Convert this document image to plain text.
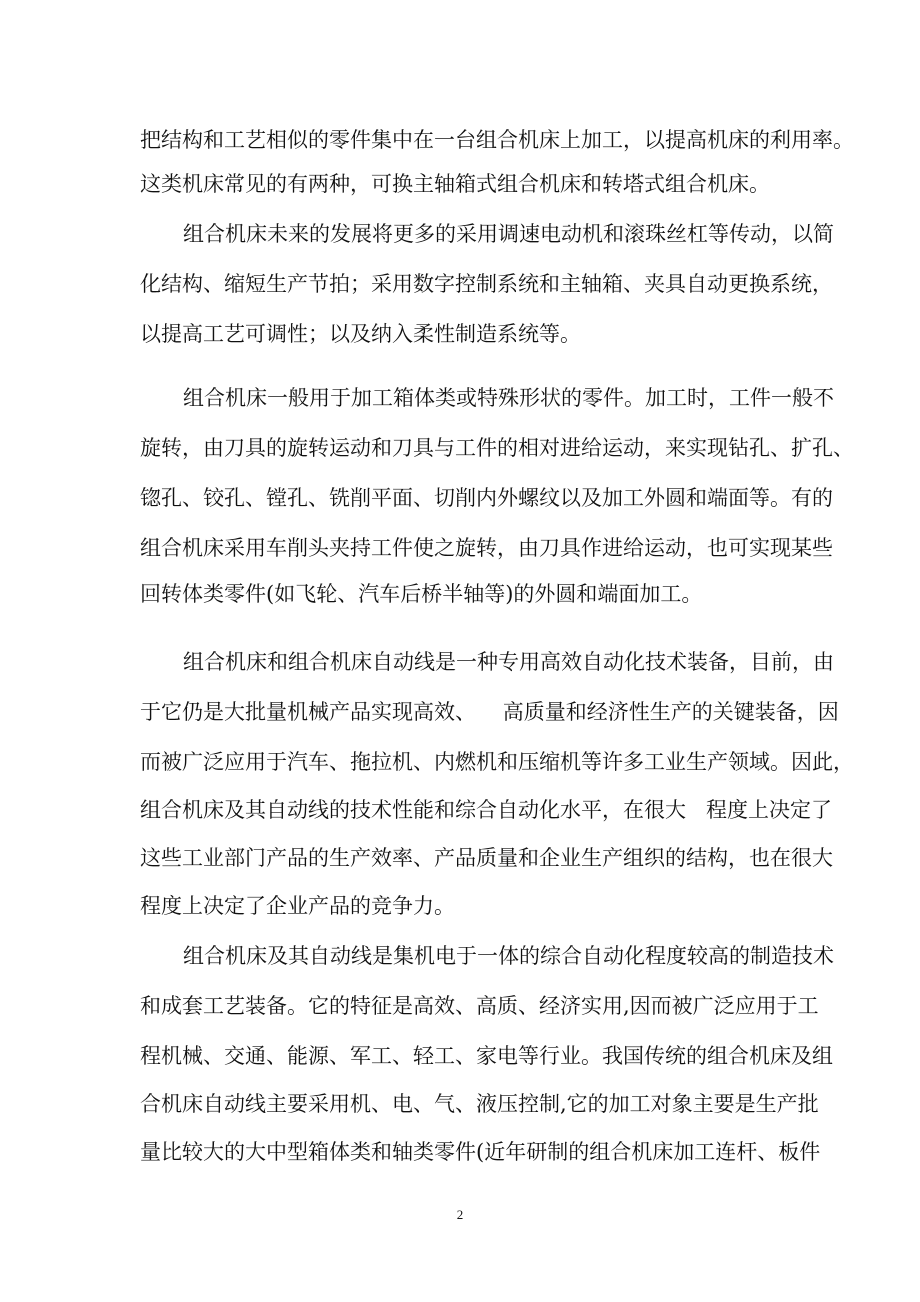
把结构和工艺相似的零件集中在一台组合机床上加工，以提高机床的利用率。
这类机床常见的有两种，可换主轴箱式组合机床和转塔式组合机床。
组合机床未来的发展将更多的采用调速电动机和滚珠丝杠等传动，以简
化结构、缩短生产节拍；采用数字控制系统和主轴箱、夹具自动更换系统，
以提高工艺可调性；以及纳入柔性制造系统等。
组合机床一般用于加工箱体类或特殊形状的零件。加工时，工件一般不
旋转，由刀具的旋转运动和刀具与工件的相对进给运动，来实现钻孔、扩孔、
锪孔、铰孔、镗孔、铣削平面、切削内外螺纹以及加工外圆和端面等。有的
组合机床采用车削头夹持工件使之旋转，由刀具作进给运动，也可实现某些
回转体类零件(如飞轮、汽车后桥半轴等)的外圆和端面加工。
组合机床和组合机床自动线是一种专用高效自动化技术装备，目前，由
于它仍是大批量机械产品实现高效、    高质量和经济性生产的关键装备，因
而被广泛应用于汽车、拖拉机、内燃机和压缩机等许多工业生产领域。因此，
组合机床及其自动线的技术性能和综合自动化水平，在很大   程度上决定了
这些工业部门产品的生产效率、产品质量和企业生产组织的结构，也在很大
程度上决定了企业产品的竞争力。
组合机床及其自动线是集机电于一体的综合自动化程度较高的制造技术
和成套工艺装备。它的特征是高效、高质、经济实用,因而被广泛应用于工
程机械、交通、能源、军工、轻工、家电等行业。我国传统的组合机床及组
合机床自动线主要采用机、电、气、液压控制,它的加工对象主要是生产批
量比较大的大中型箱体类和轴类零件(近年研制的组合机床加工连杆、板件
2
